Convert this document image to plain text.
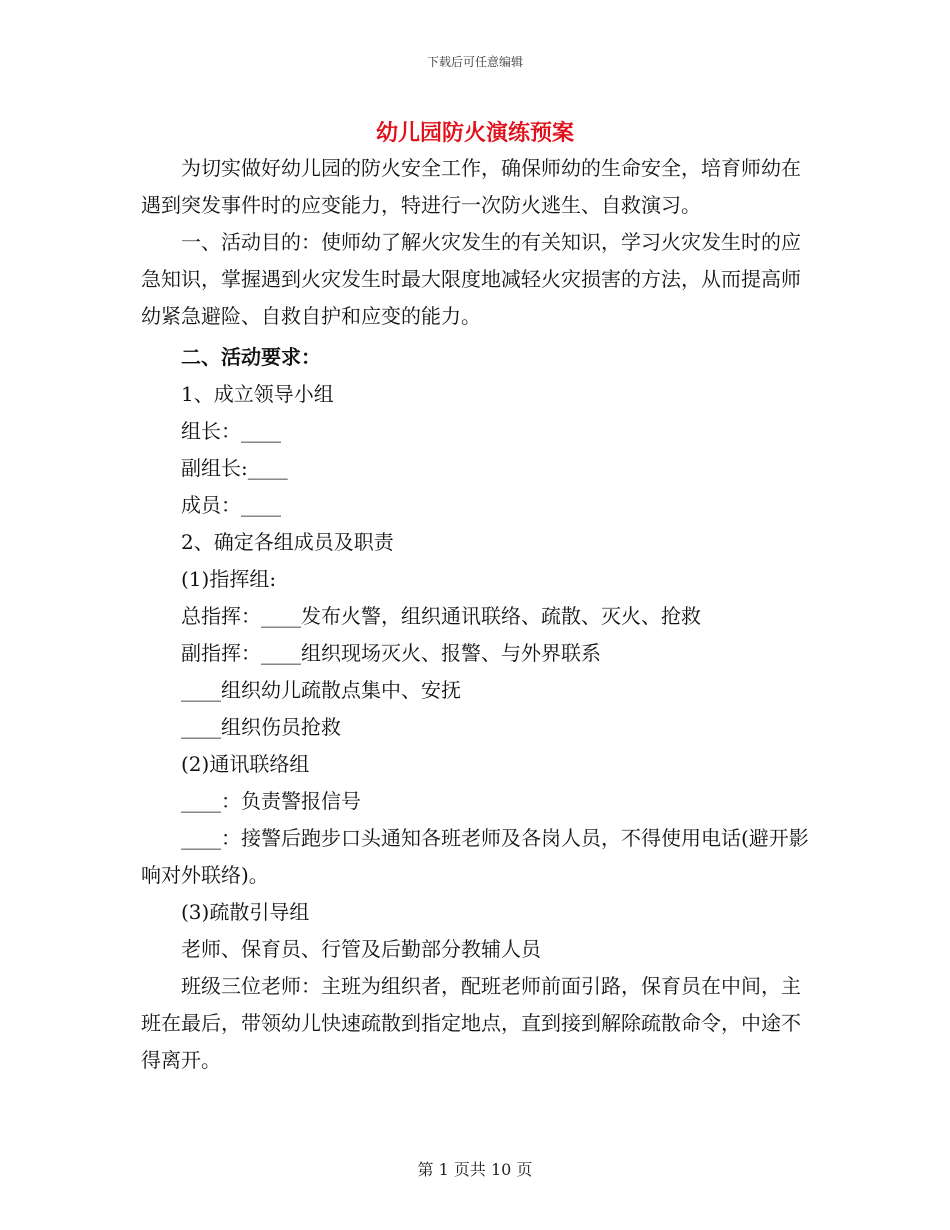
下载后可任意编辑
幼儿园防火演练预案

为切实做好幼儿园的防火安全工作，确保师幼的生命安全，培育师幼在遇到突发事件时的应变能力，特进行一次防火逃生、自救演习。

一、活动目的：使师幼了解火灾发生的有关知识，学习火灾发生时的应急知识，掌握遇到火灾发生时最大限度地减轻火灾损害的方法，从而提高师幼紧急避险、自救自护和应变的能力。

二、活动要求：

1、成立领导小组

组长：____

副组长:____

成员：____

2、确定各组成员及职责

(1)指挥组:

总指挥：____发布火警，组织通讯联络、疏散、灭火、抢救

副指挥：____组织现场灭火、报警、与外界联系

____组织幼儿疏散点集中、安抚

____组织伤员抢救

(2)通讯联络组

____：负责警报信号

____：接警后跑步口头通知各班老师及各岗人员，不得使用电话(避开影响对外联络)。

(3)疏散引导组

老师、保育员、行管及后勤部分教辅人员

班级三位老师：主班为组织者，配班老师前面引路，保育员在中间，主班在最后，带领幼儿快速疏散到指定地点，直到接到解除疏散命令，中途不得离开。

第 1 页共 10 页
